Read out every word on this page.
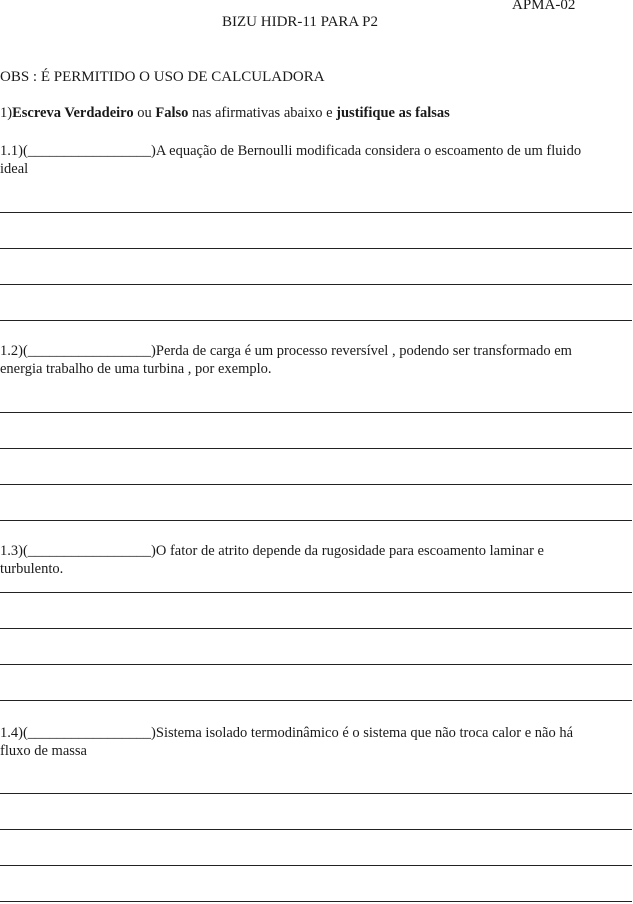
APMA-02
BIZU HIDR-11 PARA P2
OBS : É PERMITIDO O USO DE CALCULADORA
1)Escreva Verdadeiro ou Falso nas afirmativas abaixo e justifique as falsas
1.1)(_________________)A equação de Bernoulli modificada considera o escoamento de um fluido
ideal
1.2)(_________________)Perda de carga é um processo reversível , podendo ser transformado em
energia trabalho de uma turbina , por exemplo.
1.3)(_________________)O fator de atrito depende da rugosidade para escoamento laminar e
turbulento.
1.4)(_________________)Sistema isolado termodinâmico é o sistema que não troca calor e não há
fluxo de massa
